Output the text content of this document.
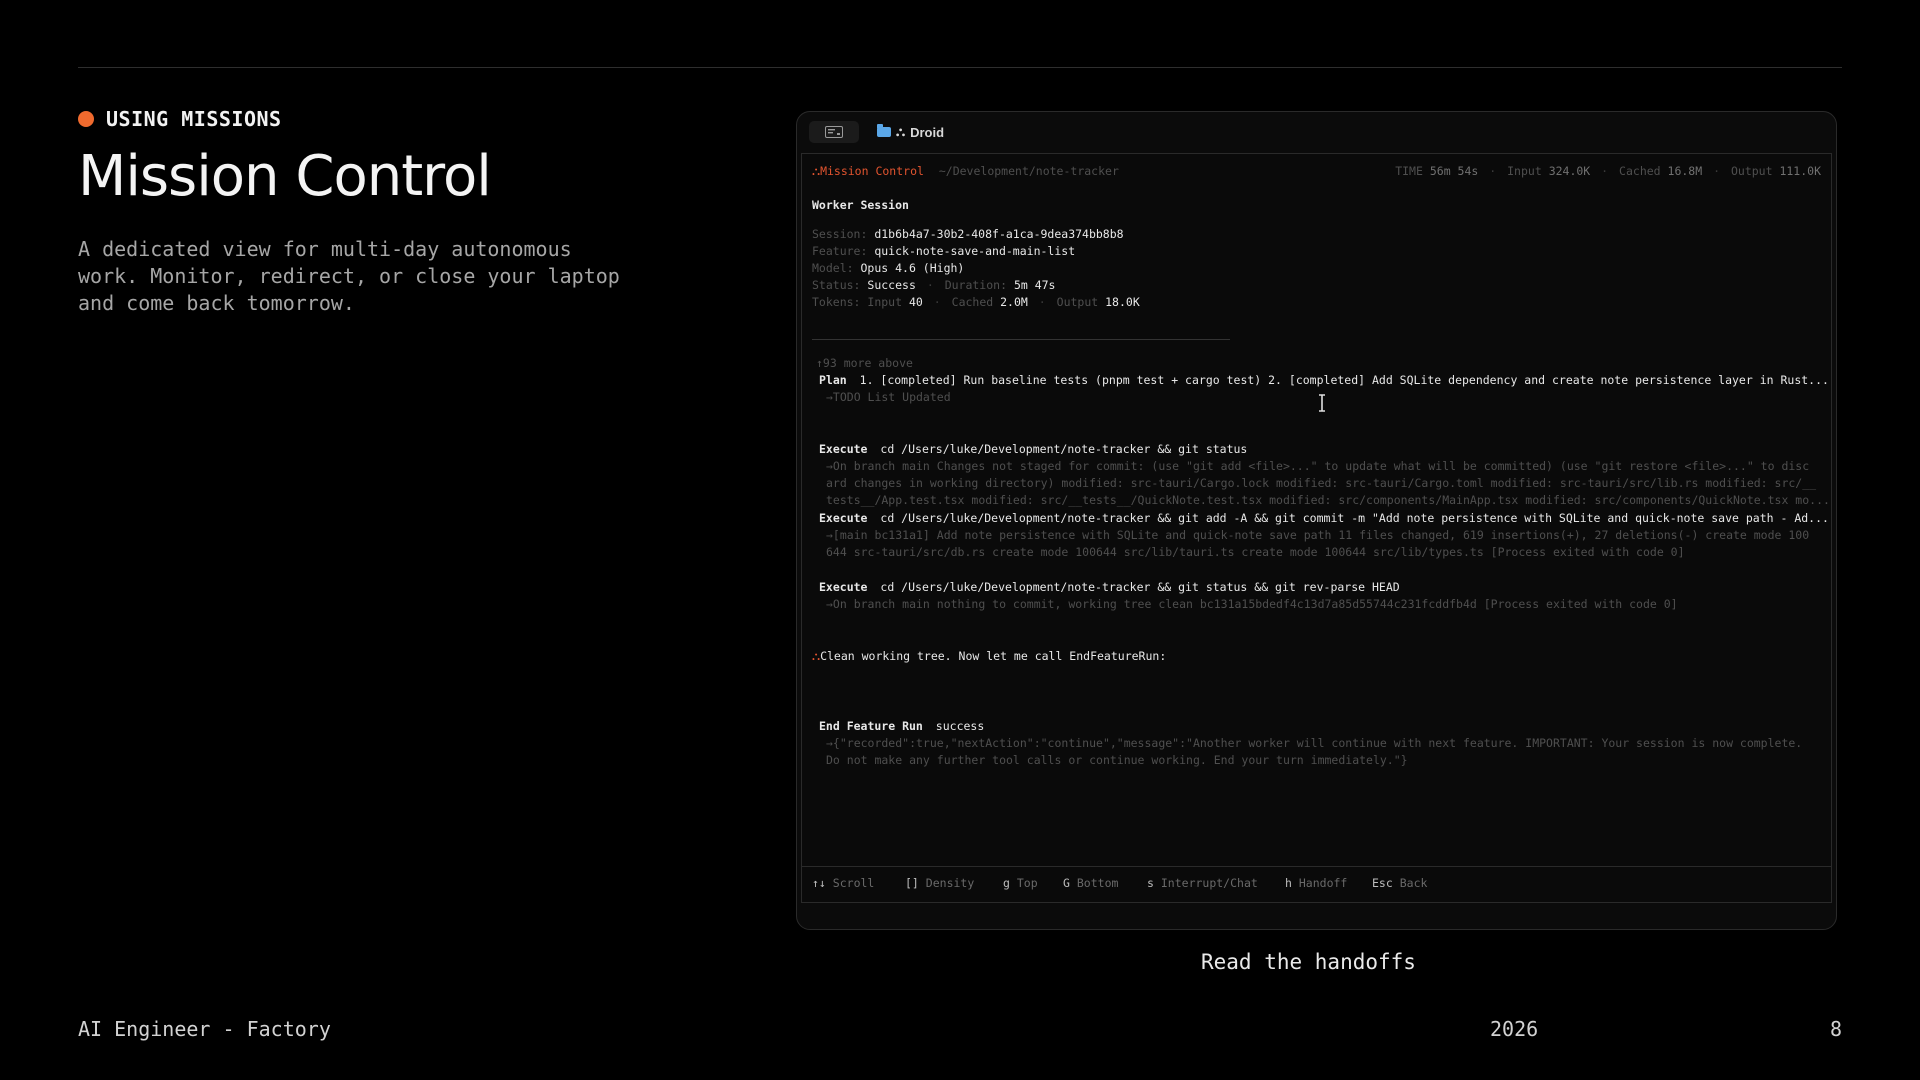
USING MISSIONS
Mission Control
A dedicated view for multi-day autonomous work. Monitor, redirect, or close your laptop and come back tomorrow.
⛬ Droid
⛬Mission Control ~/Development/note-tracker	TIME 56m 54s · Input 324.0K · Cached 16.8M · Output 111.0K
Worker Session
Session: d1b6b4a7-30b2-408f-a1ca-9dea374bb8b8
Feature: quick-note-save-and-main-list
Model: Opus 4.6 (High)
Status: Success · Duration: 5m 47s
Tokens: Input 40 · Cached 2.0M · Output 18.0K
↑93 more above
Plan 1. [completed] Run baseline tests (pnpm test + cargo test) 2. [completed] Add SQLite dependency and create note persistence layer in Rust...
→TODO List Updated
Execute cd /Users/luke/Development/note-tracker && git status
→On branch main Changes not staged for commit: (use "git add <file>..." to update what will be committed) (use "git restore <file>..." to disc
ard changes in working directory) modified: src-tauri/Cargo.lock modified: src-tauri/Cargo.toml modified: src-tauri/src/lib.rs modified: src/__
tests__/App.test.tsx modified: src/__tests__/QuickNote.test.tsx modified: src/components/MainApp.tsx modified: src/components/QuickNote.tsx mo...
Execute cd /Users/luke/Development/note-tracker && git add -A && git commit -m "Add note persistence with SQLite and quick-note save path - Ad...
→[main bc131a1] Add note persistence with SQLite and quick-note save path 11 files changed, 619 insertions(+), 27 deletions(-) create mode 100
644 src-tauri/src/db.rs create mode 100644 src/lib/tauri.ts create mode 100644 src/lib/types.ts [Process exited with code 0]
Execute cd /Users/luke/Development/note-tracker && git status && git rev-parse HEAD
→On branch main nothing to commit, working tree clean bc131a15bdedf4c13d7a85d55744c231fcddfb4d [Process exited with code 0]
⛬Clean working tree. Now let me call EndFeatureRun:
End Feature Run success
→{"recorded":true,"nextAction":"continue","message":"Another worker will continue with next feature. IMPORTANT: Your session is now complete.
Do not make any further tool calls or continue working. End your turn immediately."}
↑↓ Scroll	[] Density g Top G Bottom s Interrupt/Chat h Handoff Esc Back
Read the handoffs
AI Engineer - Factory	2026	8
